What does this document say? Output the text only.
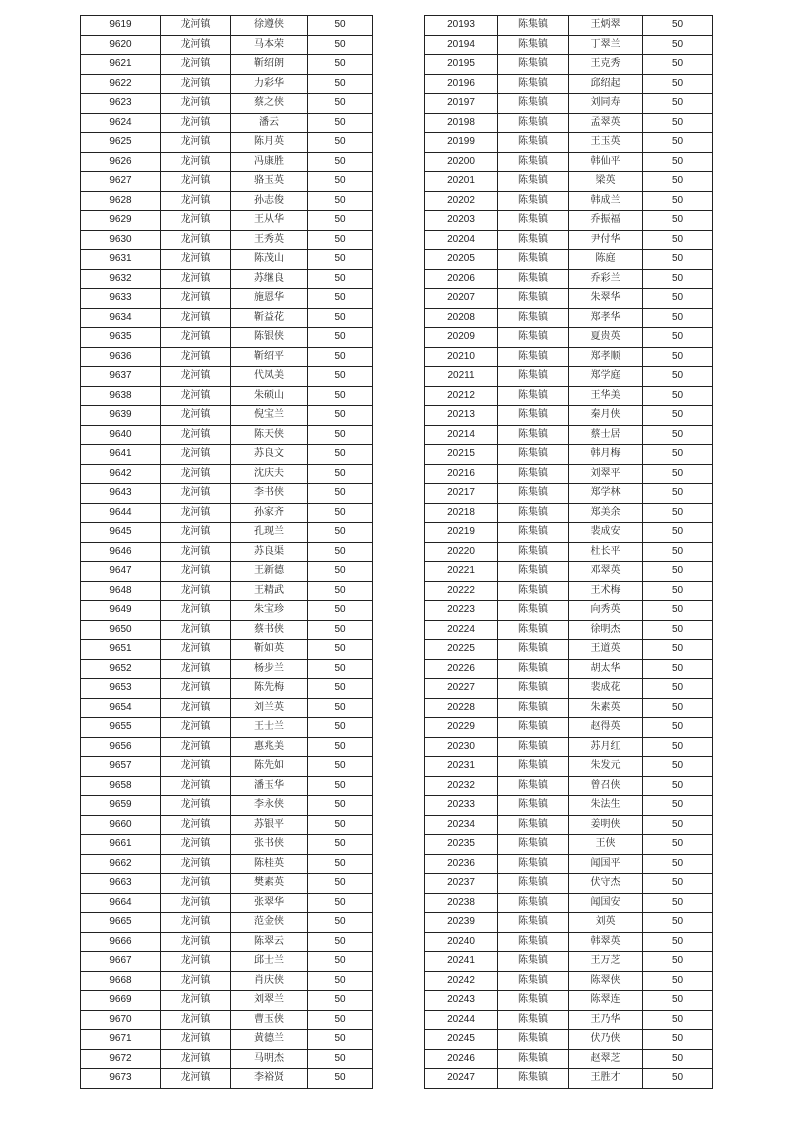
9619	龙河镇	徐遵侠	50
9620	龙河镇	马本荣	50
9621	龙河镇	靳绍朗	50
9622	龙河镇	力彩华	50
9623	龙河镇	蔡之侠	50
9624	龙河镇	潘云	50
9625	龙河镇	陈月英	50
9626	龙河镇	冯康胜	50
9627	龙河镇	骆玉英	50
9628	龙河镇	孙志俊	50
9629	龙河镇	王从华	50
9630	龙河镇	王秀英	50
9631	龙河镇	陈茂山	50
9632	龙河镇	苏继良	50
9633	龙河镇	施恩华	50
9634	龙河镇	靳益花	50
9635	龙河镇	陈银侠	50
9636	龙河镇	靳绍平	50
9637	龙河镇	代凤美	50
9638	龙河镇	朱硕山	50
9639	龙河镇	倪宝兰	50
9640	龙河镇	陈天侠	50
9641	龙河镇	苏良文	50
9642	龙河镇	沈庆夫	50
9643	龙河镇	李书侠	50
9644	龙河镇	孙家齐	50
9645	龙河镇	孔现兰	50
9646	龙河镇	苏良渠	50
9647	龙河镇	王新德	50
9648	龙河镇	王精武	50
9649	龙河镇	朱宝珍	50
9650	龙河镇	蔡书侠	50
9651	龙河镇	靳如英	50
9652	龙河镇	杨步兰	50
9653	龙河镇	陈先梅	50
9654	龙河镇	刘兰英	50
9655	龙河镇	王士兰	50
9656	龙河镇	惠兆美	50
9657	龙河镇	陈先如	50
9658	龙河镇	潘玉华	50
9659	龙河镇	李永侠	50
9660	龙河镇	苏银平	50
9661	龙河镇	张书侠	50
9662	龙河镇	陈桂英	50
9663	龙河镇	樊素英	50
9664	龙河镇	张翠华	50
9665	龙河镇	范金侠	50
9666	龙河镇	陈翠云	50
9667	龙河镇	邱士兰	50
9668	龙河镇	肖庆侠	50
9669	龙河镇	刘翠兰	50
9670	龙河镇	曹玉侠	50
9671	龙河镇	黄德兰	50
9672	龙河镇	马明杰	50
9673	龙河镇	李裕贤	50
20193	陈集镇	王炳翠	50
20194	陈集镇	丁翠兰	50
20195	陈集镇	王克秀	50
20196	陈集镇	邱绍起	50
20197	陈集镇	刘同寿	50
20198	陈集镇	孟翠英	50
20199	陈集镇	王玉英	50
20200	陈集镇	韩仙平	50
20201	陈集镇	梁英	50
20202	陈集镇	韩成兰	50
20203	陈集镇	乔振福	50
20204	陈集镇	尹付华	50
20205	陈集镇	陈庭	50
20206	陈集镇	乔彩兰	50
20207	陈集镇	朱翠华	50
20208	陈集镇	郑孝华	50
20209	陈集镇	夏贵英	50
20210	陈集镇	郑孝顺	50
20211	陈集镇	郑学庭	50
20212	陈集镇	王华美	50
20213	陈集镇	秦月侠	50
20214	陈集镇	蔡士居	50
20215	陈集镇	韩月梅	50
20216	陈集镇	刘翠平	50
20217	陈集镇	郑学林	50
20218	陈集镇	郑美余	50
20219	陈集镇	裴成安	50
20220	陈集镇	杜长平	50
20221	陈集镇	邓翠英	50
20222	陈集镇	王术梅	50
20223	陈集镇	向秀英	50
20224	陈集镇	徐明杰	50
20225	陈集镇	王道英	50
20226	陈集镇	胡太华	50
20227	陈集镇	裴成花	50
20228	陈集镇	朱素英	50
20229	陈集镇	赵得英	50
20230	陈集镇	苏月红	50
20231	陈集镇	朱发元	50
20232	陈集镇	曾召侠	50
20233	陈集镇	朱法生	50
20234	陈集镇	姜明侠	50
20235	陈集镇	王侠	50
20236	陈集镇	闻国平	50
20237	陈集镇	伏守杰	50
20238	陈集镇	闻国安	50
20239	陈集镇	刘英	50
20240	陈集镇	韩翠英	50
20241	陈集镇	王万芝	50
20242	陈集镇	陈翠侠	50
20243	陈集镇	陈翠连	50
20244	陈集镇	王乃华	50
20245	陈集镇	伏乃侠	50
20246	陈集镇	赵翠芝	50
20247	陈集镇	王胜才	50
